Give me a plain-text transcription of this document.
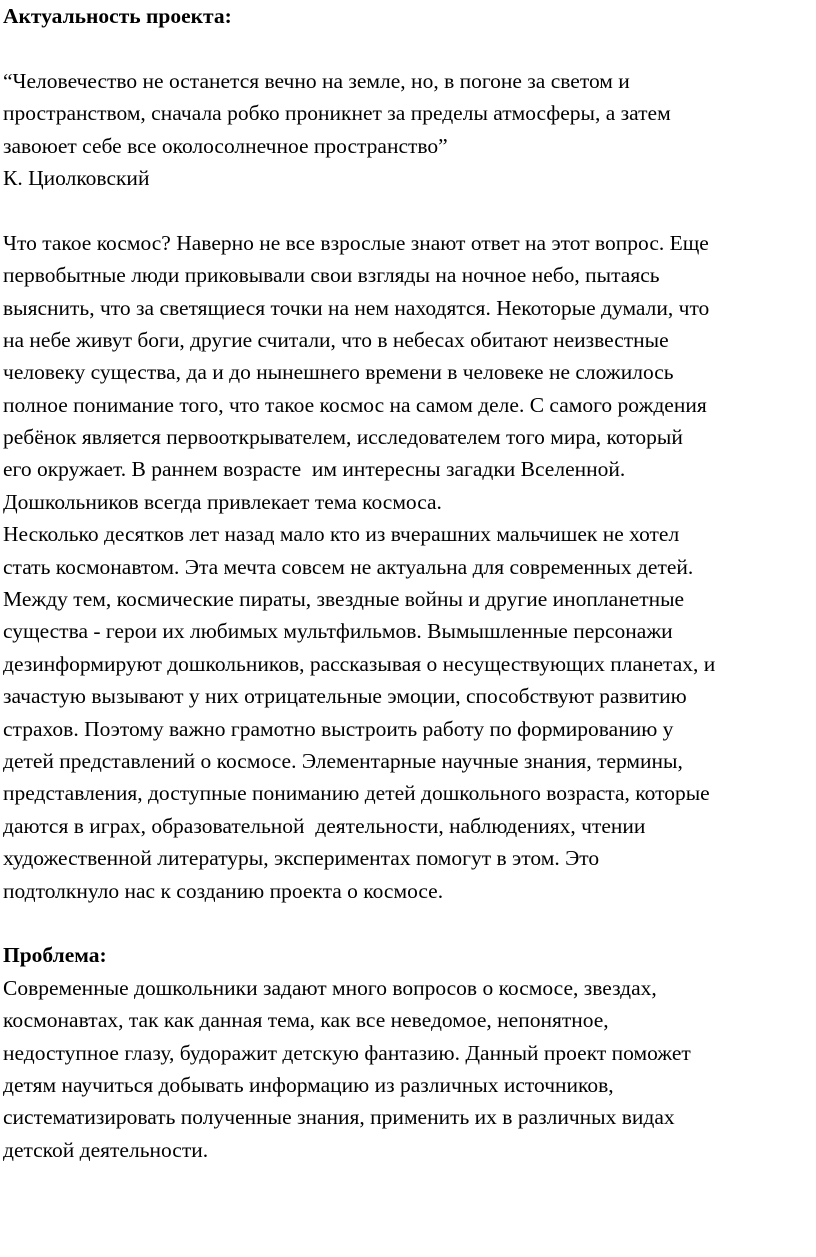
Актуальность проекта:
“Человечество не останется вечно на земле, но, в погоне за светом и
пространством, сначала робко проникнет за пределы атмосферы, а затем
завоюет себе все околосолнечное пространство”
К. Циолковский
Что такое космос? Наверно не все взрослые знают ответ на этот вопрос. Еще
первобытные люди приковывали свои взгляды на ночное небо, пытаясь
выяснить, что за светящиеся точки на нем находятся. Некоторые думали, что
на небе живут боги, другие считали, что в небесах обитают неизвестные
человеку существа, да и до нынешнего времени в человеке не сложилось
полное понимание того, что такое космос на самом деле. С самого рождения
ребёнок является первооткрывателем, исследователем того мира, который
его окружает. В раннем возрасте  им интересны загадки Вселенной.
Дошкольников всегда привлекает тема космоса.
Несколько десятков лет назад мало кто из вчерашних мальчишек не хотел
стать космонавтом. Эта мечта совсем не актуальна для современных детей.
Между тем, космические пираты, звездные войны и другие инопланетные
существа - герои их любимых мультфильмов. Вымышленные персонажи
дезинформируют дошкольников, рассказывая о несуществующих планетах, и
зачастую вызывают у них отрицательные эмоции, способствуют развитию
страхов. Поэтому важно грамотно выстроить работу по формированию у
детей представлений о космосе. Элементарные научные знания, термины,
представления, доступные пониманию детей дошкольного возраста, которые
даются в играх, образовательной  деятельности, наблюдениях, чтении
художественной литературы, экспериментах помогут в этом. Это
подтолкнуло нас к созданию проекта о космосе.
Проблема:
Современные дошкольники задают много вопросов о космосе, звездах,
космонавтах, так как данная тема, как все неведомое, непонятное,
недоступное глазу, будоражит детскую фантазию. Данный проект поможет
детям научиться добывать информацию из различных источников,
систематизировать полученные знания, применить их в различных видах
детской деятельности.
